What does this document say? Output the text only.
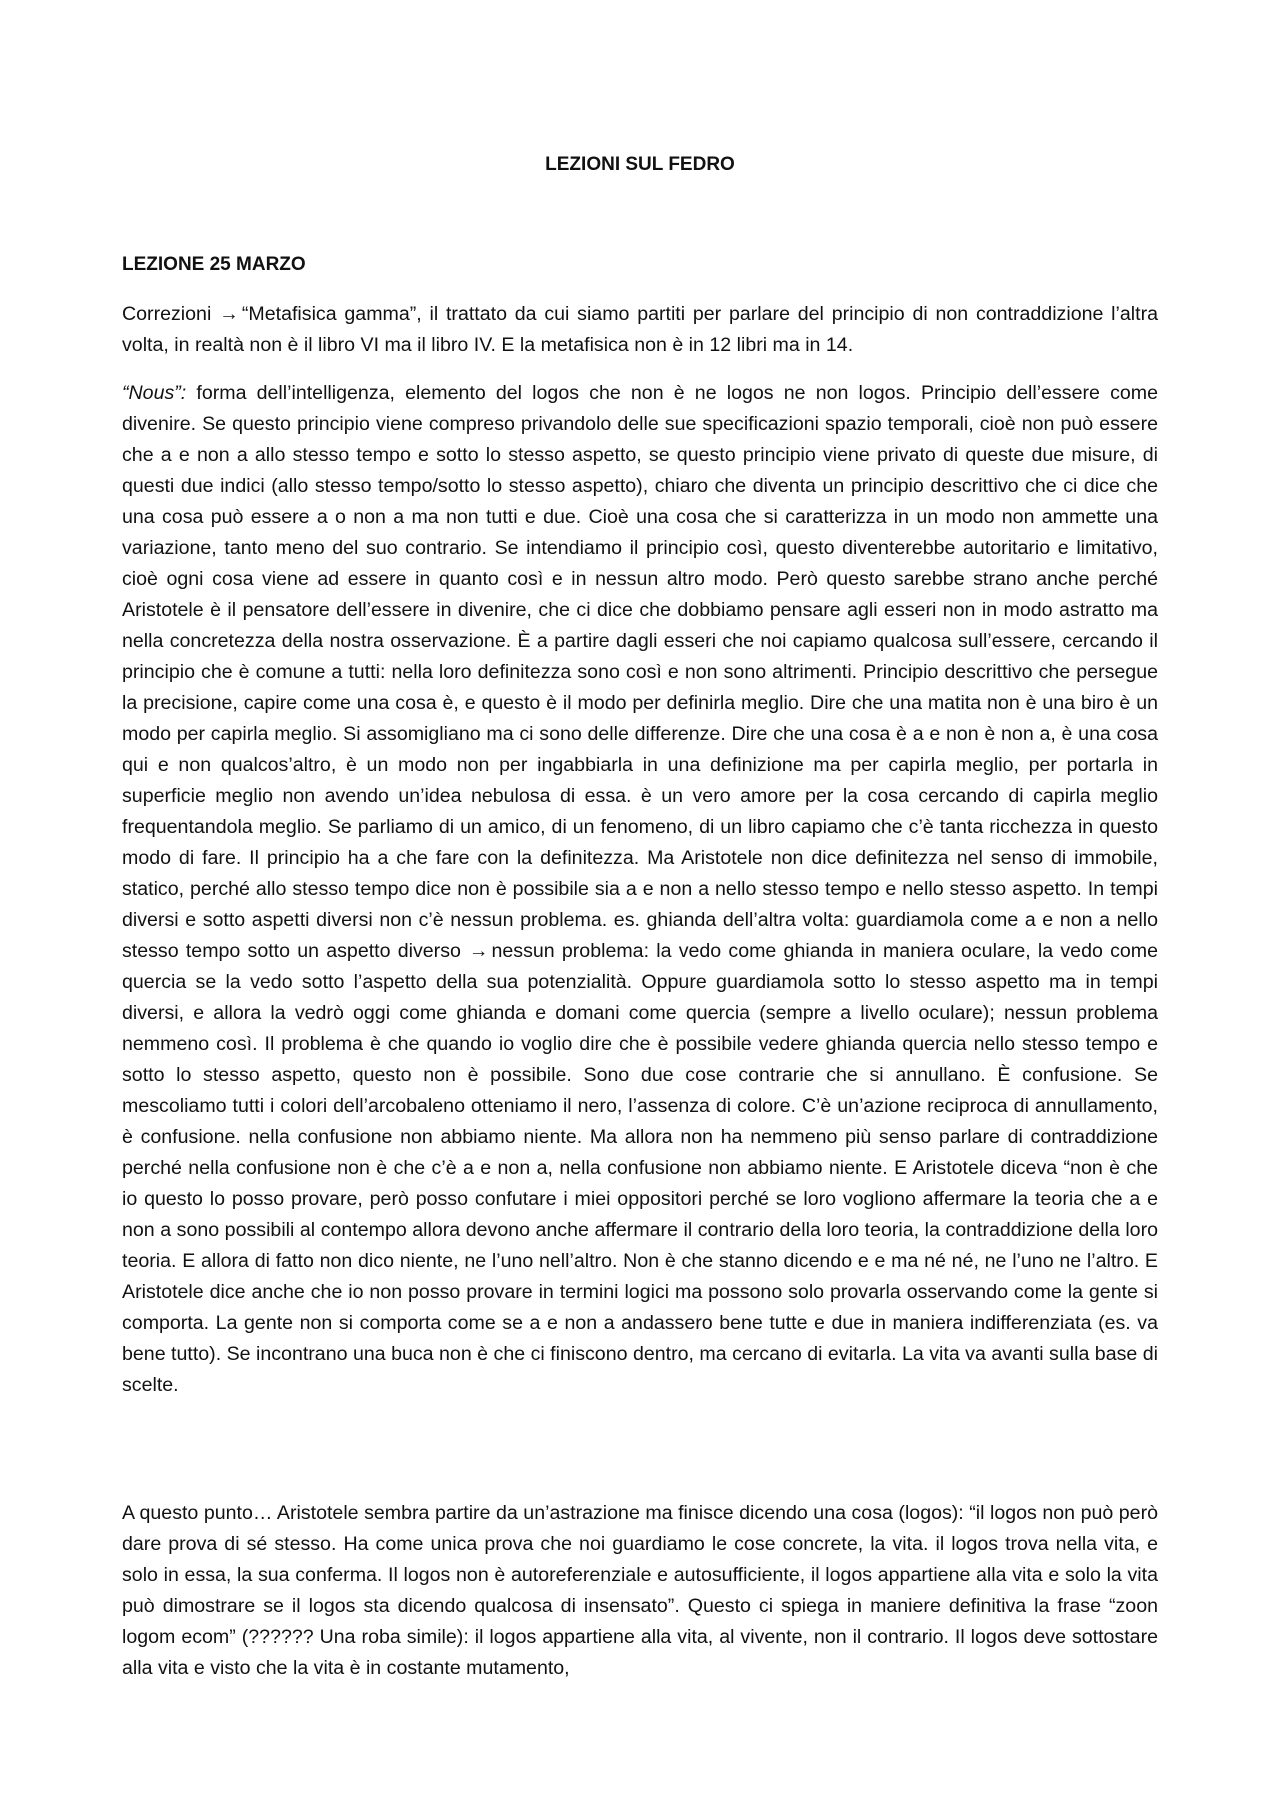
LEZIONI SUL FEDRO
LEZIONE 25 MARZO

Correzioni → “Metafisica gamma”, il trattato da cui siamo partiti per parlare del principio di non contraddizione l’altra volta, in realtà non è il libro VI ma il libro IV. E la metafisica non è in 12 libri ma in 14.

“Nous”: forma dell’intelligenza, elemento del logos che non è ne logos ne non logos. Principio dell’essere come divenire. Se questo principio viene compreso privandolo delle sue specificazioni spazio temporali, cioè non può essere che a e non a allo stesso tempo e sotto lo stesso aspetto, se questo principio viene privato di queste due misure, di questi due indici (allo stesso tempo/sotto lo stesso aspetto), chiaro che diventa un principio descrittivo che ci dice che una cosa può essere a o non a ma non tutti e due. Cioè una cosa che si caratterizza in un modo non ammette una variazione, tanto meno del suo contrario. Se intendiamo il principio così, questo diventerebbe autoritario e limitativo, cioè ogni cosa viene ad essere in quanto così e in nessun altro modo. Però questo sarebbe strano anche perché Aristotele è il pensatore dell’essere in divenire, che ci dice che dobbiamo pensare agli esseri non in modo astratto ma nella concretezza della nostra osservazione. È a partire dagli esseri che noi capiamo qualcosa sull’essere, cercando il principio che è comune a tutti: nella loro definitezza sono così e non sono altrimenti. Principio descrittivo che persegue la precisione, capire come una cosa è, e questo è il modo per definirla meglio. Dire che una matita non è una biro è un modo per capirla meglio. Si assomigliano ma ci sono delle differenze. Dire che una cosa è a e non è non a, è una cosa qui e non qualcos’altro, è un modo non per ingabbiarla in una definizione ma per capirla meglio, per portarla in superficie meglio non avendo un’idea nebulosa di essa. è un vero amore per la cosa cercando di capirla meglio frequentandola meglio. Se parliamo di un amico, di un fenomeno, di un libro capiamo che c’è tanta ricchezza in questo modo di fare. Il principio ha a che fare con la definitezza. Ma Aristotele non dice definitezza nel senso di immobile, statico, perché allo stesso tempo dice non è possibile sia a e non a nello stesso tempo e nello stesso aspetto. In tempi diversi e sotto aspetti diversi non c’è nessun problema. es. ghianda dell’altra volta: guardiamola come a e non a nello stesso tempo sotto un aspetto diverso → nessun problema: la vedo come ghianda in maniera oculare, la vedo come quercia se la vedo sotto l’aspetto della sua potenzialità. Oppure guardiamola sotto lo stesso aspetto ma in tempi diversi, e allora la vedrò oggi come ghianda e domani come quercia (sempre a livello oculare); nessun problema nemmeno così. Il problema è che quando io voglio dire che è possibile vedere ghianda quercia nello stesso tempo e sotto lo stesso aspetto, questo non è possibile. Sono due cose contrarie che si annullano. È confusione. Se mescoliamo tutti i colori dell’arcobaleno otteniamo il nero, l’assenza di colore. C’è un’azione reciproca di annullamento, è confusione. nella confusione non abbiamo niente. Ma allora non ha nemmeno più senso parlare di contraddizione perché nella confusione non è che c’è a e non a, nella confusione non abbiamo niente. E Aristotele diceva “non è che io questo lo posso provare, però posso confutare i miei oppositori perché se loro vogliono affermare la teoria che a e non a sono possibili al contempo allora devono anche affermare il contrario della loro teoria, la contraddizione della loro teoria. E allora di fatto non dico niente, ne l’uno nell’altro. Non è che stanno dicendo e e ma né né, ne l’uno ne l’altro. E Aristotele dice anche che io non posso provare in termini logici ma possono solo provarla osservando come la gente si comporta. La gente non si comporta come se a e non a andassero bene tutte e due in maniera indifferenziata (es. va bene tutto). Se incontrano una buca non è che ci finiscono dentro, ma cercano di evitarla. La vita va avanti sulla base di scelte.

A questo punto… Aristotele sembra partire da un’astrazione ma finisce dicendo una cosa (logos): “il logos non può però dare prova di sé stesso. Ha come unica prova che noi guardiamo le cose concrete, la vita. il logos trova nella vita, e solo in essa, la sua conferma. Il logos non è autoreferenziale e autosufficiente, il logos appartiene alla vita e solo la vita può dimostrare se il logos sta dicendo qualcosa di insensato”. Questo ci spiega in maniere definitiva la frase “zoon logom ecom” (?????? Una roba simile): il logos appartiene alla vita, al vivente, non il contrario. Il logos deve sottostare alla vita e visto che la vita è in costante mutamento,
